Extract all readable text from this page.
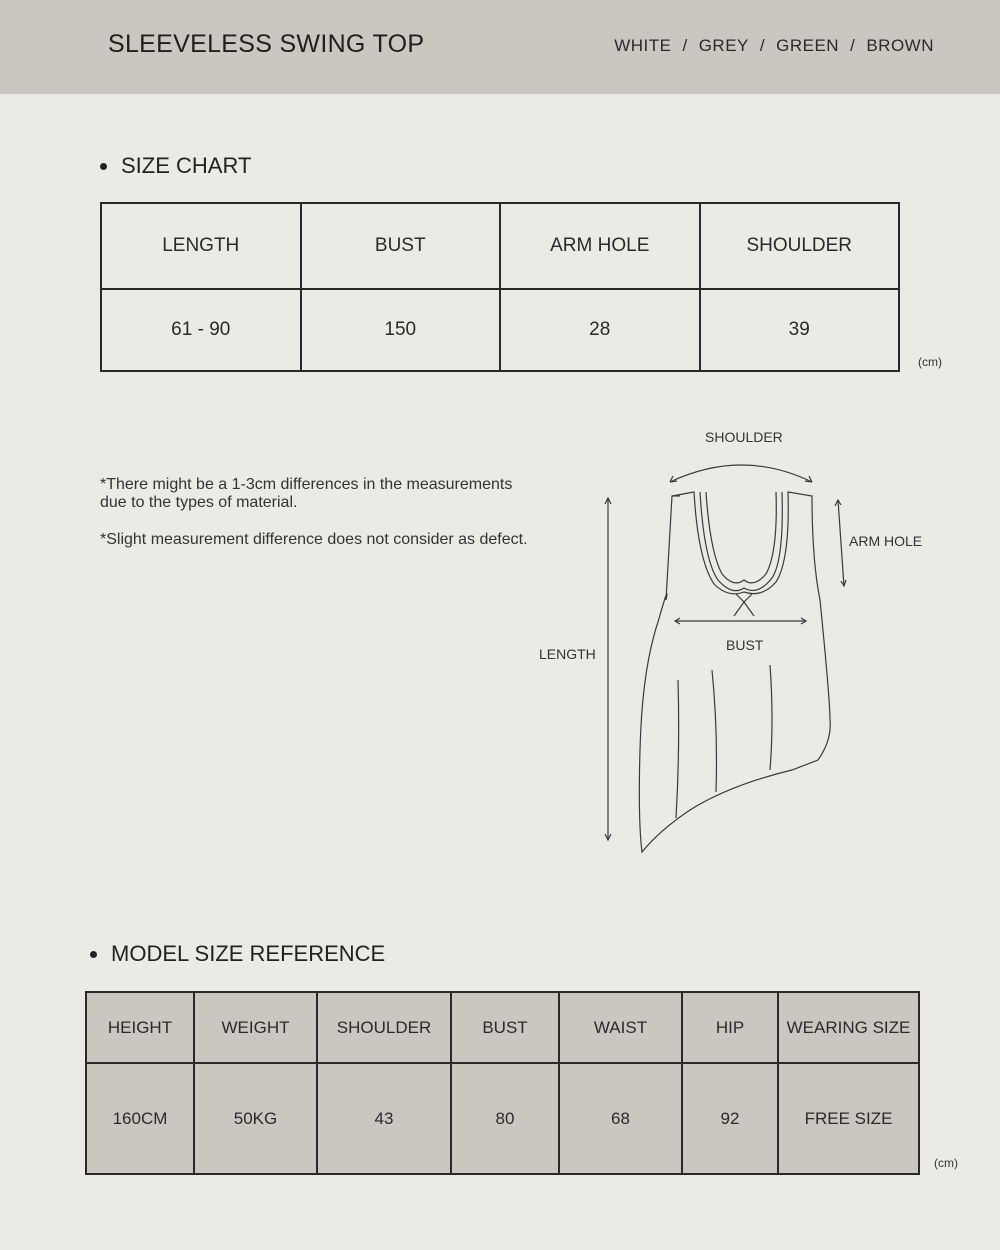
SLEEVELESS SWING TOP	WHITE / GREY / GREEN / BROWN
SIZE CHART
LENGTH	BUST	ARM HOLE	SHOULDER
61 - 90	150	28	39
(cm)

*There might be a 1-3cm differences in the measurements due to the types of material.

*Slight measurement difference does not consider as defect.

SHOULDER
ARM HOLE
BUST
LENGTH
MODEL SIZE REFERENCE
HEIGHT	WEIGHT	SHOULDER	BUST	WAIST	HIP	WEARING SIZE
160CM	50KG	43	80	68	92	FREE SIZE
(cm)
